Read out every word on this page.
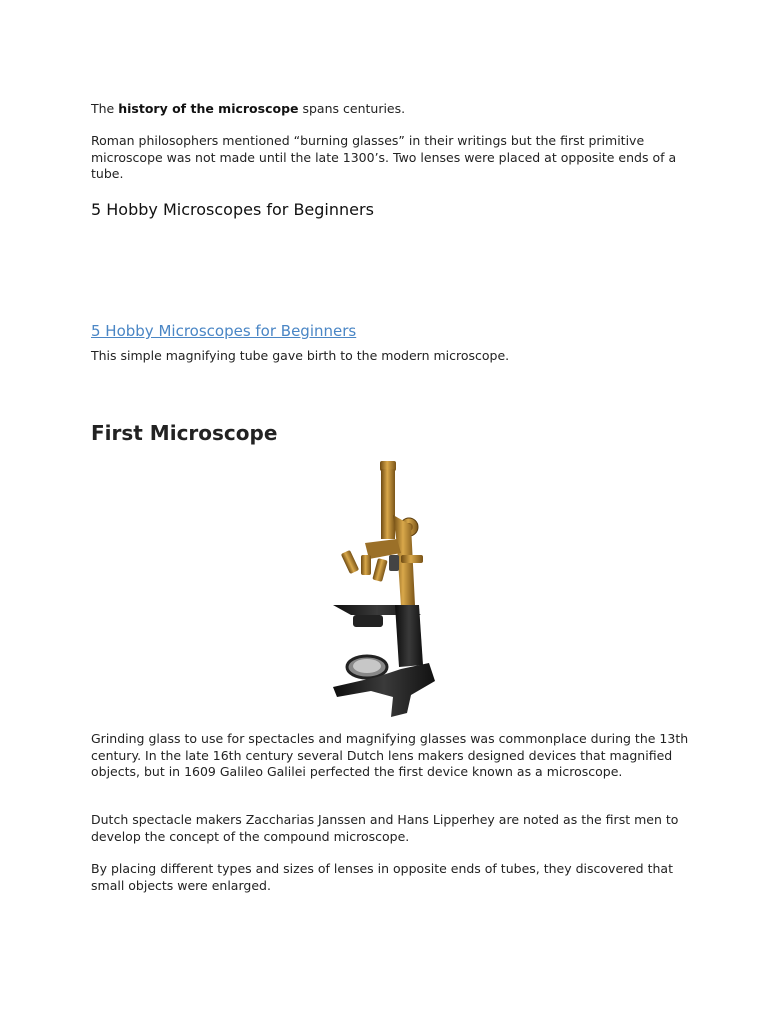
The history of the microscope spans centuries.

Roman philosophers mentioned “burning glasses” in their writings but the first primitive microscope was not made until the late 1300’s. Two lenses were placed at opposite ends of a tube.

5 Hobby Microscopes for Beginners
5 Hobby Microscopes for Beginners

This simple magnifying tube gave birth to the modern microscope.

First Microscope

Grinding glass to use for spectacles and magnifying glasses was commonplace during the 13th century. In the late 16th century several Dutch lens makers designed devices that magnified objects, but in 1609 Galileo Galilei perfected the first device known as a microscope.

Dutch spectacle makers Zaccharias Janssen and Hans Lipperhey are noted as the first men to develop the concept of the compound microscope.

By placing different types and sizes of lenses in opposite ends of tubes, they discovered that small objects were enlarged.
